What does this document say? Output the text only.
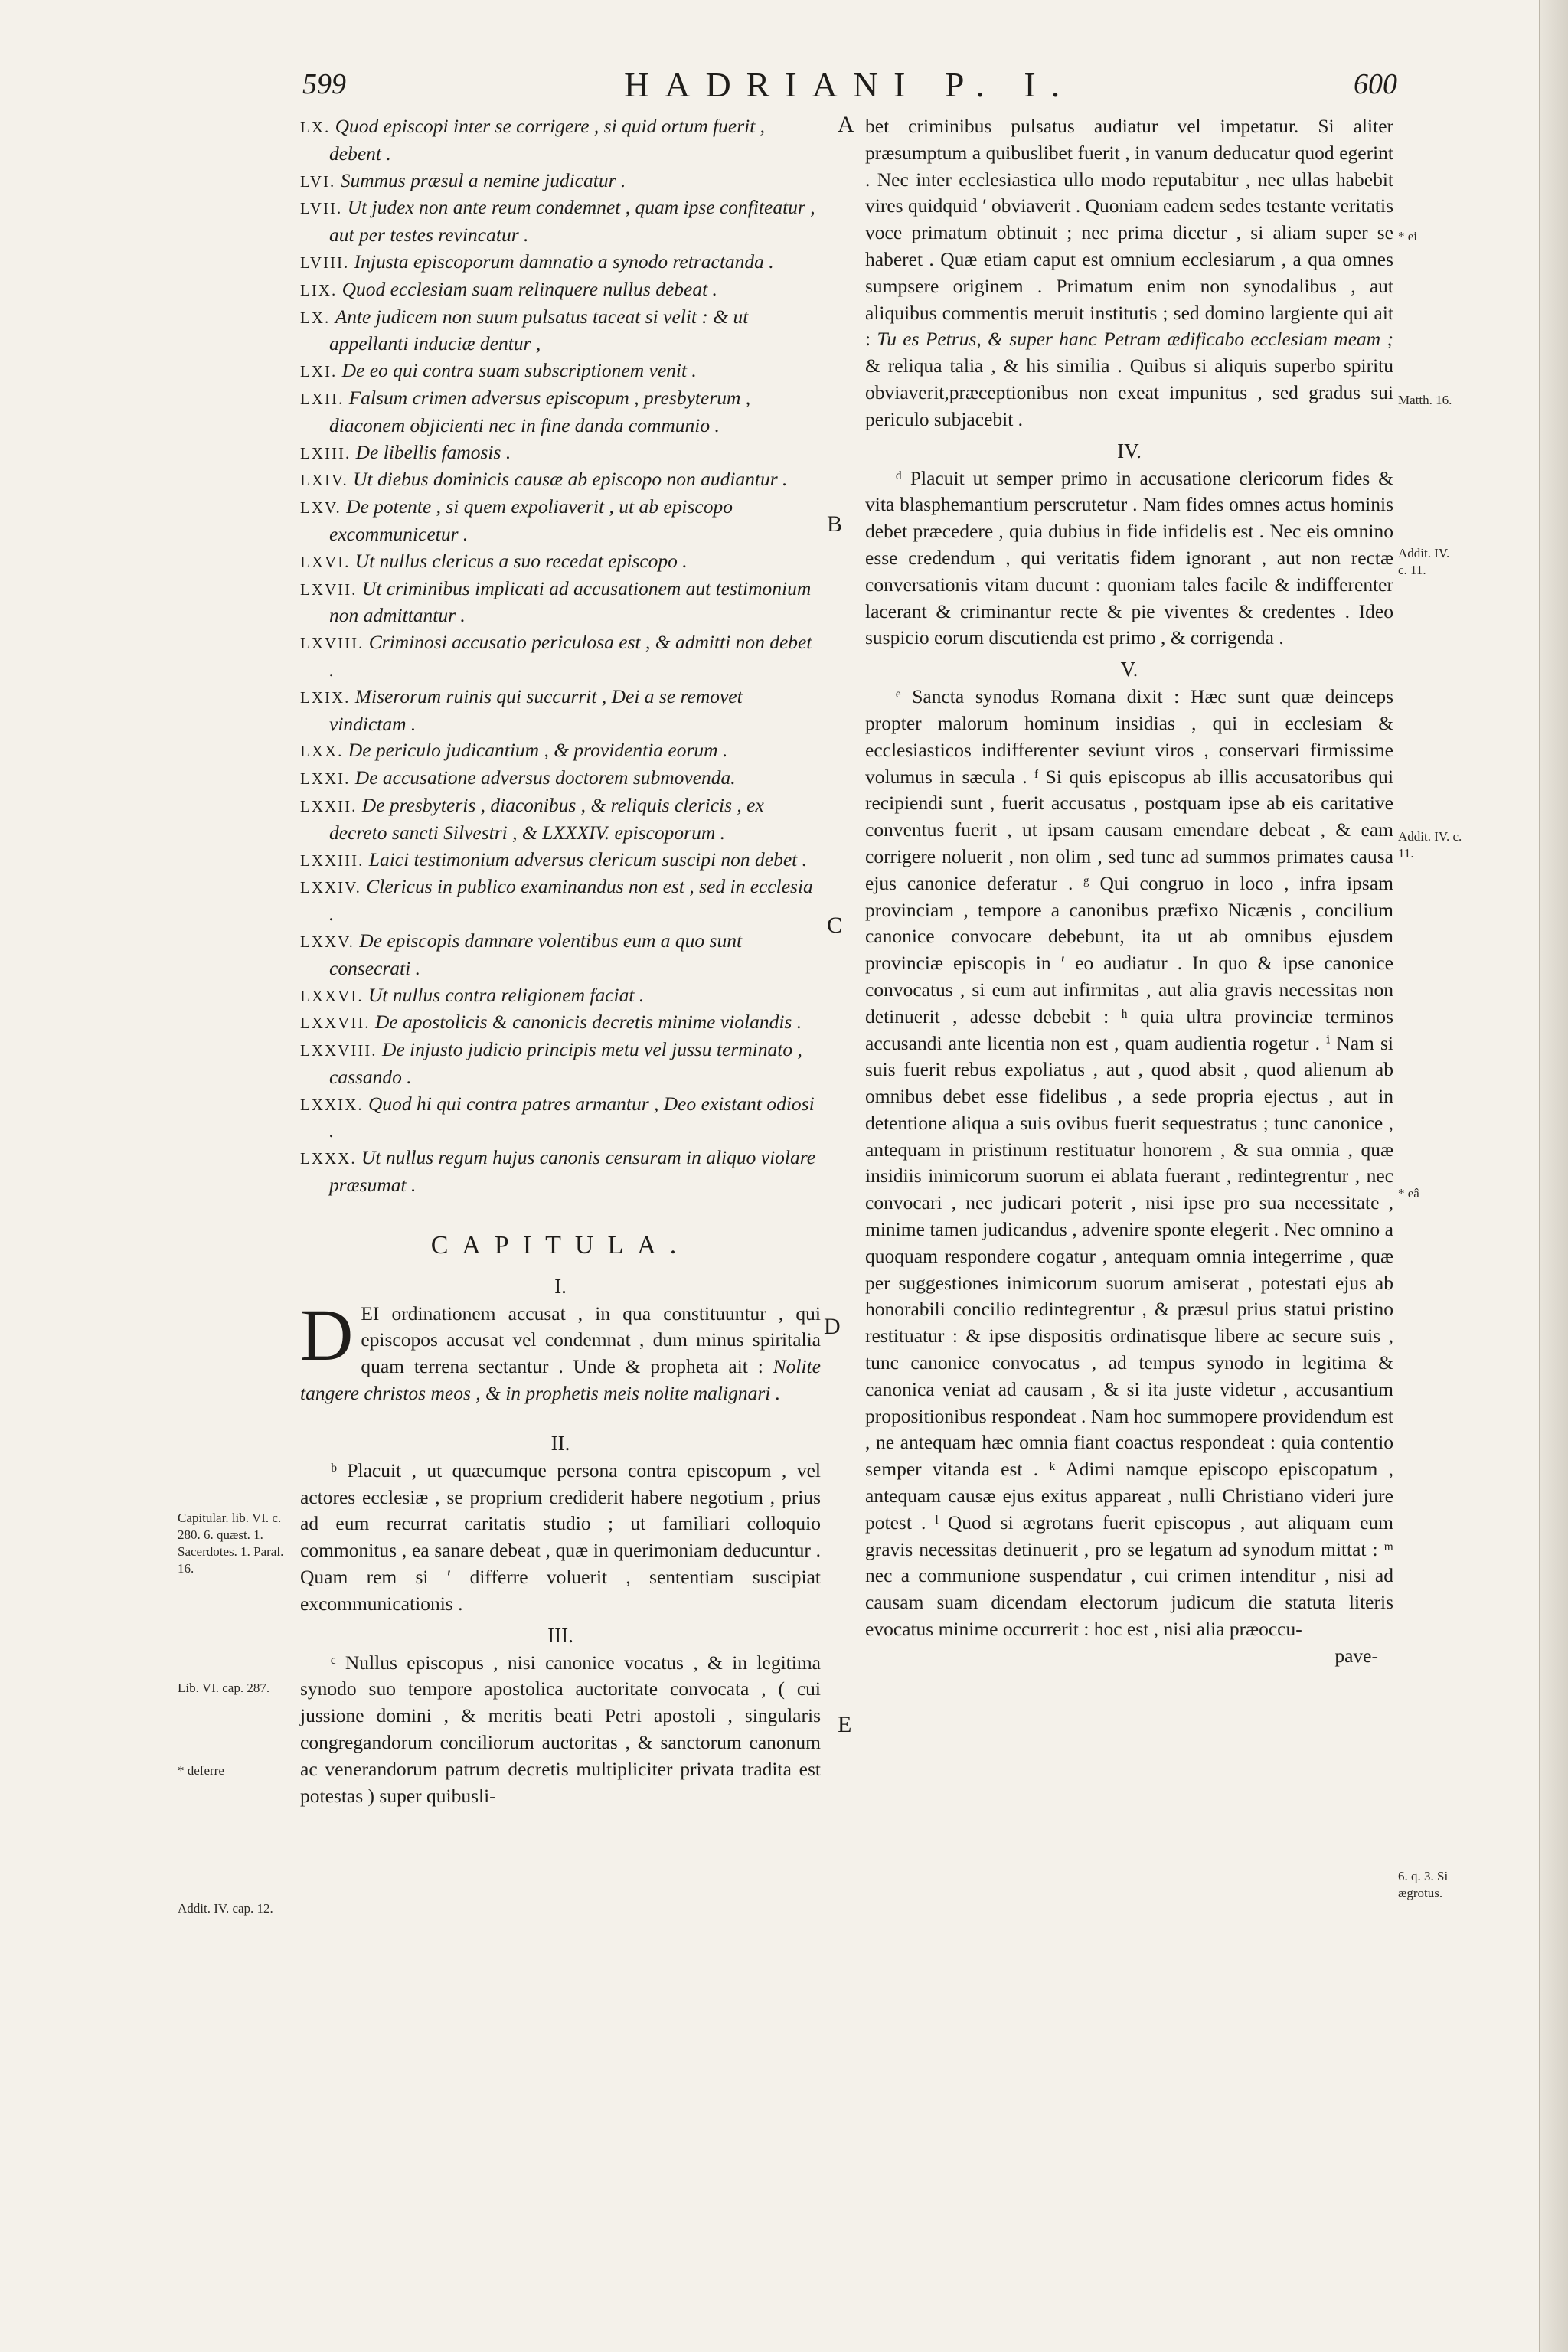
599	HADRIANI P. I.	600
LX. Quod episcopi inter se corrigere , si quid ortum fuerit , debent .
LVI. Summus præsul a nemine judicatur .
LVII. Ut judex non ante reum condemnet , quam ipse confiteatur , aut per testes revincatur .
LVIII. Injusta episcoporum damnatio a synodo retractanda .
LIX. Quod ecclesiam suam relinquere nullus debeat .
LX. Ante judicem non suum pulsatus taceat si velit : & ut appellanti induciæ dentur ,
LXI. De eo qui contra suam subscriptionem venit .
LXII. Falsum crimen adversus episcopum , presbyterum , diaconem objicienti nec in fine danda communio .
LXIII. De libellis famosis .
LXIV. Ut diebus dominicis causæ ab episcopo non audiantur .
LXV. De potente , si quem expoliaverit , ut ab episcopo excommunicetur .
LXVI. Ut nullus clericus a suo recedat episcopo .
LXVII. Ut criminibus implicati ad accusationem aut testimonium non admittantur .
LXVIII. Criminosi accusatio periculosa est , & admitti non debet .
LXIX. Miserorum ruinis qui succurrit , Dei a se removet vindictam .
LXX. De periculo judicantium , & providentia eorum .
LXXI. De accusatione adversus doctorem submovenda.
LXXII. De presbyteris , diaconibus , & reliquis clericis , ex decreto sancti Silvestri , & LXXXIV. episcoporum .
LXXIII. Laici testimonium adversus clericum suscipi non debet .
LXXIV. Clericus in publico examinandus non est , sed in ecclesia .
LXXV. De episcopis damnare volentibus eum a quo sunt consecrati .
LXXVI. Ut nullus contra religionem faciat .
LXXVII. De apostolicis & canonicis decretis minime violandis .
LXXVIII. De injusto judicio principis metu vel jussu terminato , cassando .
LXXIX. Quod hi qui contra patres armantur , Deo existant odiosi .
LXXX. Ut nullus regum hujus canonis censuram in aliquo violare præsumat .
CAPITULA.
I.

DEI ordinationem accusat , in qua constituuntur , qui episcopos accusat vel condemnat , dum minus spiritalia quam terrena sectantur . Unde & propheta ait : Nolite tangere christos meos , & in prophetis meis nolite malignari .

II.

ᵇ Placuit , ut quæcumque persona contra episcopum , vel actores ecclesiæ , se proprium crediderit habere negotium , prius ad eum recurrat caritatis studio ; ut familiari colloquio commonitus , ea sanare debeat , quæ in querimoniam deducuntur . Quam rem si ʹ differre voluerit , sententiam suscipiat excommunicationis .

III.

ᶜ Nullus episcopus , nisi canonice vocatus , & in legitima synodo suo tempore apostolica auctoritate convocata , ( cui jussione domini , & meritis beati Petri apostoli , singularis congregandorum conciliorum auctoritas , & sanctorum canonum ac venerandorum patrum decretis multipliciter privata tradita est potestas ) super quibusli-

bet criminibus pulsatus audiatur vel impetatur. Si aliter præsumptum a quibuslibet fuerit , in vanum deducatur quod egerint . Nec inter ecclesiastica ullo modo reputabitur , nec ullas habebit vires quidquid ʹ obviaverit . Quoniam eadem sedes testante veritatis voce primatum obtinuit ; nec prima dicetur , si aliam super se haberet . Quæ etiam caput est omnium ecclesiarum , a qua omnes sumpsere originem . Primatum enim non synodalibus , aut aliquibus commentis meruit institutis ; sed domino largiente qui ait : Tu es Petrus, & super hanc Petram ædificabo ecclesiam meam ; & reliqua talia , & his similia . Quibus si aliquis superbo spiritu obviaverit,præceptionibus non exeat impunitus , sed gradus sui periculo subjacebit .

IV.

ᵈ Placuit ut semper primo in accusatione clericorum fides & vita blasphemantium perscrutetur . Nam fides omnes actus hominis debet præcedere , quia dubius in fide infidelis est . Nec eis omnino esse credendum , qui veritatis fidem ignorant , aut non rectæ conversationis vitam ducunt : quoniam tales facile & indifferenter lacerant & criminantur recte & pie viventes & credentes . Ideo suspicio eorum discutienda est primo , & corrigenda .

V.

ᵉ Sancta synodus Romana dixit : Hæc sunt quæ deinceps propter malorum hominum insidias , qui in ecclesiam & ecclesiasticos indifferenter seviunt viros , conservari firmissime volumus in sæcula . ᶠ Si quis episcopus ab illis accusatoribus qui recipiendi sunt , fuerit accusatus , postquam ipse ab eis caritative conventus fuerit , ut ipsam causam emendare debeat , & eam corrigere noluerit , non olim , sed tunc ad summos primates causa ejus canonice deferatur . ᵍ Qui congruo in loco , infra ipsam provinciam , tempore a canonibus præfixo Nicænis , concilium canonice convocare debebunt, ita ut ab omnibus ejusdem provinciæ episcopis in ʹ eo audiatur . In quo & ipse canonice convocatus , si eum aut infirmitas , aut alia gravis necessitas non detinuerit , adesse debebit : ʰ quia ultra provinciæ terminos accusandi ante licentia non est , quam audientia rogetur . ⁱ Nam si suis fuerit rebus expoliatus , aut , quod absit , quod alienum ab omnibus debet esse fidelibus , a sede propria ejectus , aut in detentione aliqua a suis ovibus fuerit sequestratus ; tunc canonice , antequam in pristinum restituatur honorem , & sua omnia , quæ insidiis inimicorum suorum ei ablata fuerant , redintegrentur , nec convocari , nec judicari poterit , nisi ipse pro sua necessitate , minime tamen judicandus , advenire sponte elegerit . Nec omnino a quoquam respondere cogatur , antequam omnia integerrime , quæ per suggestiones inimicorum suorum amiserat , potestati ejus ab honorabili concilio redintegrentur , & præsul prius statui pristino restituatur : & ipse dispositis ordinatisque libere ac secure suis , tunc canonice convocatus , ad tempus synodo in legitima & canonica veniat ad causam , & si ita juste videtur , accusantium propositionibus respondeat . Nam hoc summopere providendum est , ne antequam hæc omnia fiant coactus respondeat : quia contentio semper vitanda est . ᵏ Adimi namque episcopo episcopatum , antequam causæ ejus exitus appareat , nulli Christiano videri jure potest . ˡ Quod si ægrotans fuerit episcopus , aut aliquam eum gravis necessitas detinuerit , pro se legatum ad synodum mittat : ᵐ nec a communione suspendatur , cui crimen intenditur , nisi ad causam suam dicendam electorum judicum die statuta literis evocatus minime occurrerit : hoc est , nisi alia præoccu-

pave-
A
B
C
D
E
* ei
Matth. 16.
Addit. IV. c. 11.
Addit. IV. c. 11.
* eâ
6. q. 3. Si ægrotus.
Capitular. lib. VI. c. 280. 6. quæst. 1. Sacerdotes. 1. Paral. 16.
Lib. VI. cap. 287.
* deferre
Addit. IV. cap. 12.
